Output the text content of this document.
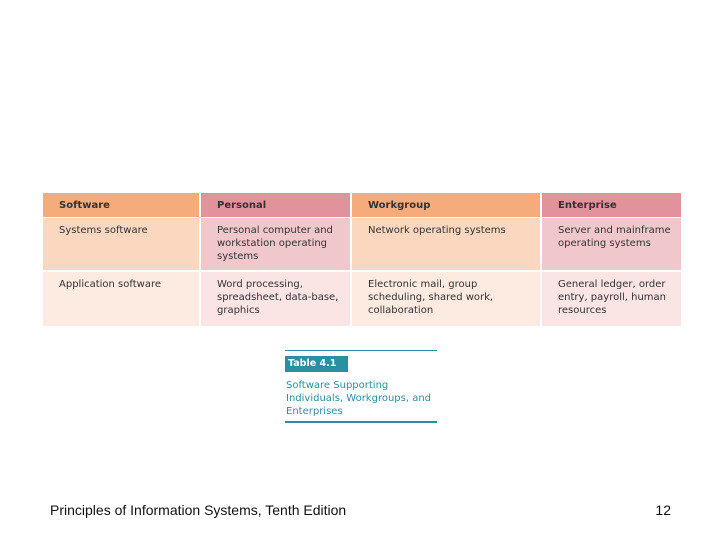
Software	Personal	Workgroup	Enterprise
Systems software	Personal computer and workstation operating systems	Network operating systems	Server and mainframe operating systems
Application software	Word processing, spreadsheet, data-base, graphics	Electronic mail, group scheduling, shared work, collaboration	General ledger, order entry, payroll, human resources
Table 4.1
Software Supporting Individuals, Workgroups, and Enterprises
Principles of Information Systems, Tenth Edition	12
